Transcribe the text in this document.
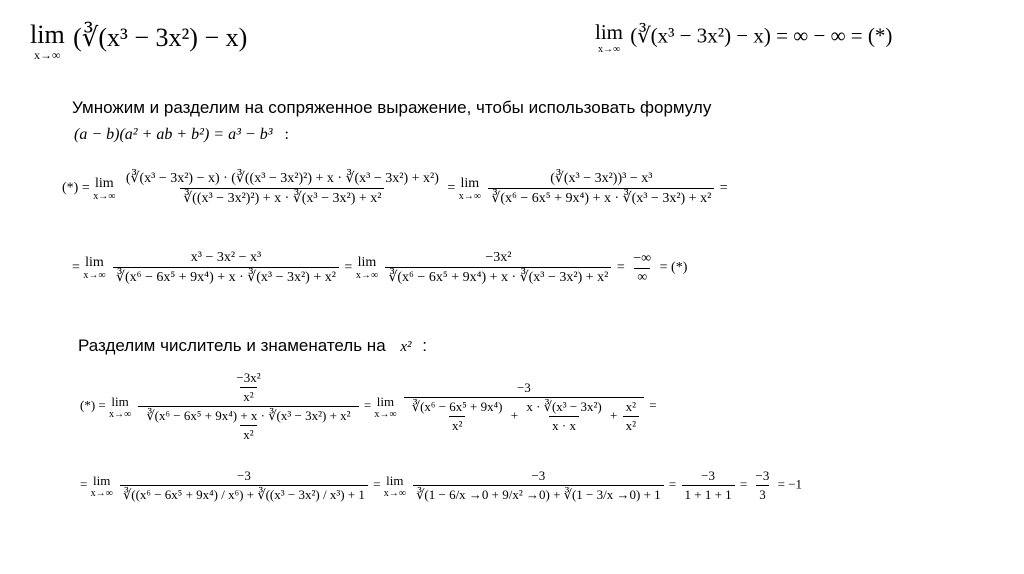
lim
x→∞
(∛(x³ − 3x²) − x)	lim
x→∞
(∛(x³ − 3x²) − x) = ∞ − ∞ = (*)
Умножим и разделим на сопряженное выражение, чтобы использовать формулу
(a − b)(a² + ab + b²) = a³ − b³ :
(*) = lim
x→∞
$\frac{\text{(∛(x³ − 3x²) − x) · (∛((x³ − 3x²)²) + x · ∛(x³ − 3x²) + x²)}}{\text{∛((x³ − 3x²)²) + x · ∛(x³ − 3x²) + x²}} = \lim$
x→∞
$\frac{\text{(∛(x³ − 3x²))³ − x³}}{\text{∛(x⁶ − 6x⁵ + 9x⁴) + x · ∛(x³ − 3x²) + x²}}$ =
= lim
x→∞
$\frac{\text{x³ − 3x² − x³}}{\text{∛(x⁶ − 6x⁵ + 9x⁴) + x · ∛(x³ − 3x²) + x²}} = \lim$
x→∞
$\frac{\text{−3x²}}{\text{∛(x⁶ − 6x⁵ + 9x⁴) + x · ∛(x³ − 3x²) + x²}} = \frac{-\infty}{\infty}$ = (*)
Разделим числитель и знаменатель на x² :
(*) = lim
x→∞
$\frac{\frac{\text{−3x²}}{\text{x²}}}{\frac{\text{∛(x⁶ − 6x⁵ + 9x⁴) + x · ∛(x³ − 3x²) + x²}}{\text{x²}}} = \lim$
x→∞

−3
$\frac{\text{∛(x⁶ − 6x⁵ + 9x⁴)}}{\text{x²}} + \frac{\text{x · ∛(x³ − 3x²)}}{x \cdot x} + \frac{\text{x²}}{\text{x²}}$ =
= lim
x→∞
$\frac{-3}{\text{∛((x⁶ − 6x⁵ + 9x⁴) / x⁶) + ∛((x³ − 3x²) / x³) + 1}} = \lim$
x→∞
$\frac{-3}{\text{∛(1 − 6/x →0 + 9/x² →0) + ∛(1 − 3/x →0) + 1}} = \frac{-3}{1 + 1 + 1} = \frac{-3}{3} = -1$
